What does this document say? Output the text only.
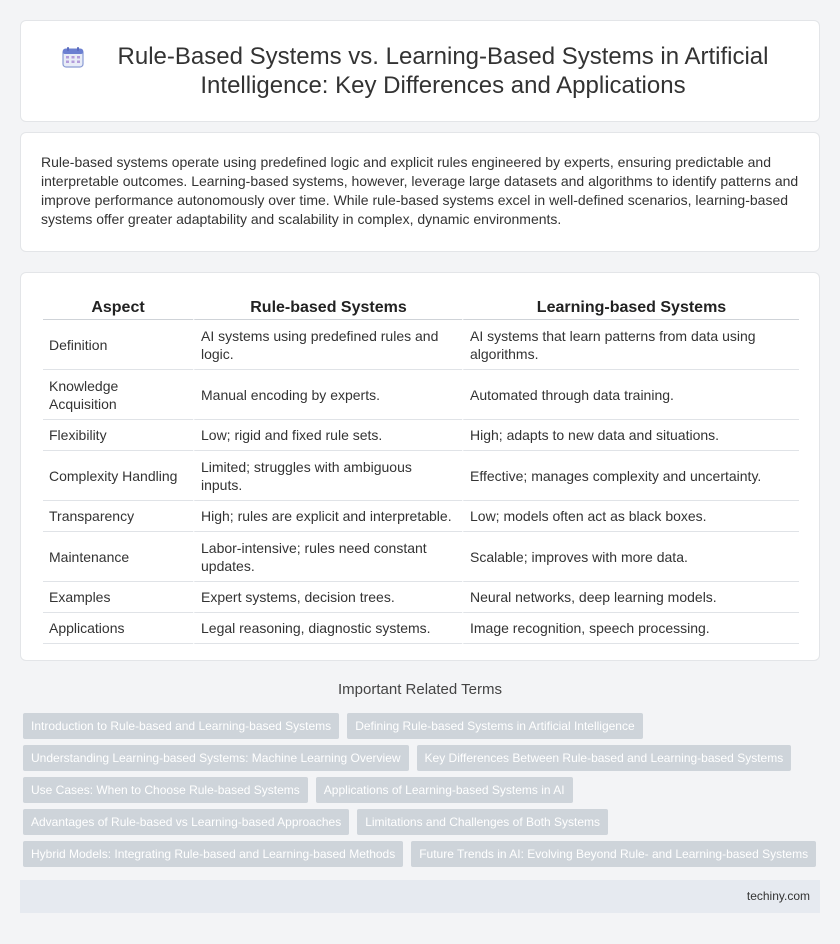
Rule-Based Systems vs. Learning-Based Systems in Artificial Intelligence: Key Differences and Applications

Rule-based systems operate using predefined logic and explicit rules engineered by experts, ensuring predictable and interpretable outcomes. Learning-based systems, however, leverage large datasets and algorithms to identify patterns and improve performance autonomously over time. While rule-based systems excel in well-defined scenarios, learning-based systems offer greater adaptability and scalability in complex, dynamic environments.

Aspect	Rule-based Systems	Learning-based Systems
Definition	AI systems using predefined rules and logic.	AI systems that learn patterns from data using algorithms.
Knowledge Acquisition	Manual encoding by experts.	Automated through data training.
Flexibility	Low; rigid and fixed rule sets.	High; adapts to new data and situations.
Complexity Handling	Limited; struggles with ambiguous inputs.	Effective; manages complexity and uncertainty.
Transparency	High; rules are explicit and interpretable.	Low; models often act as black boxes.
Maintenance	Labor-intensive; rules need constant updates.	Scalable; improves with more data.
Examples	Expert systems, decision trees.	Neural networks, deep learning models.
Applications	Legal reasoning, diagnostic systems.	Image recognition, speech processing.
Important Related Terms
Introduction to Rule-based and Learning-based Systems	Defining Rule-based Systems in Artificial Intelligence
Understanding Learning-based Systems: Machine Learning Overview	Key Differences Between Rule-based and Learning-based Systems
Use Cases: When to Choose Rule-based Systems	Applications of Learning-based Systems in AI
Advantages of Rule-based vs Learning-based Approaches	Limitations and Challenges of Both Systems
Hybrid Models: Integrating Rule-based and Learning-based Methods	Future Trends in AI: Evolving Beyond Rule- and Learning-based Systems
techiny.com
